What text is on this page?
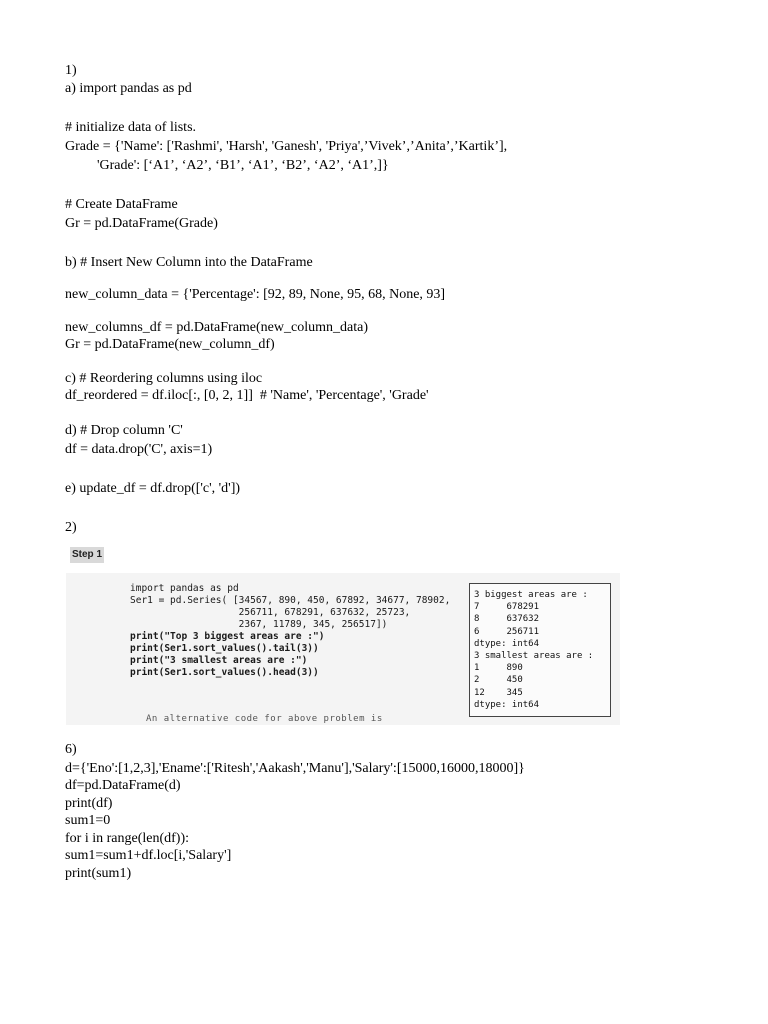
1)

a) import pandas as pd

# initialize data of lists.

Grade = {'Name': ['Rashmi', 'Harsh', 'Ganesh', 'Priya',’Vivek’,’Anita’,’Kartik’],

'Grade': [‘A1’, ‘A2’, ‘B1’, ‘A1’, ‘B2’, ‘A2’, ‘A1’,]}

# Create DataFrame

Gr = pd.DataFrame(Grade)

b) # Insert New Column into the DataFrame

new_column_data = {'Percentage': [92, 89, None, 95, 68, None, 93]

new_columns_df = pd.DataFrame(new_column_data)

Gr = pd.DataFrame(new_column_df)

c) # Reordering columns using iloc

df_reordered = df.iloc[:, [0, 2, 1]]  # 'Name', 'Percentage', 'Grade'

d) # Drop column 'C'

df = data.drop('C', axis=1)

e) update_df = df.drop(['c', 'd'])

2)

Step 1
import pandas as pd
Ser1 = pd.Series( [34567, 890, 450, 67892, 34677, 78902,
256711, 678291, 637632, 25723,
2367, 11789, 345, 256517])
print("Top 3 biggest areas are :")
print(Ser1.sort_values().tail(3))
print("3 smallest areas are :")
print(Ser1.sort_values().head(3))

An alternative code for above problem is

3 biggest areas are :
7     678291
8     637632
6     256711
dtype: int64
3 smallest areas are :
1     890
2     450
12    345
dtype: int64

6)

d={'Eno':[1,2,3],'Ename':['Ritesh','Aakash','Manu'],'Salary':[15000,16000,18000]}

df=pd.DataFrame(d)

print(df)

sum1=0

for i in range(len(df)):

sum1=sum1+df.loc[i,'Salary']

print(sum1)
